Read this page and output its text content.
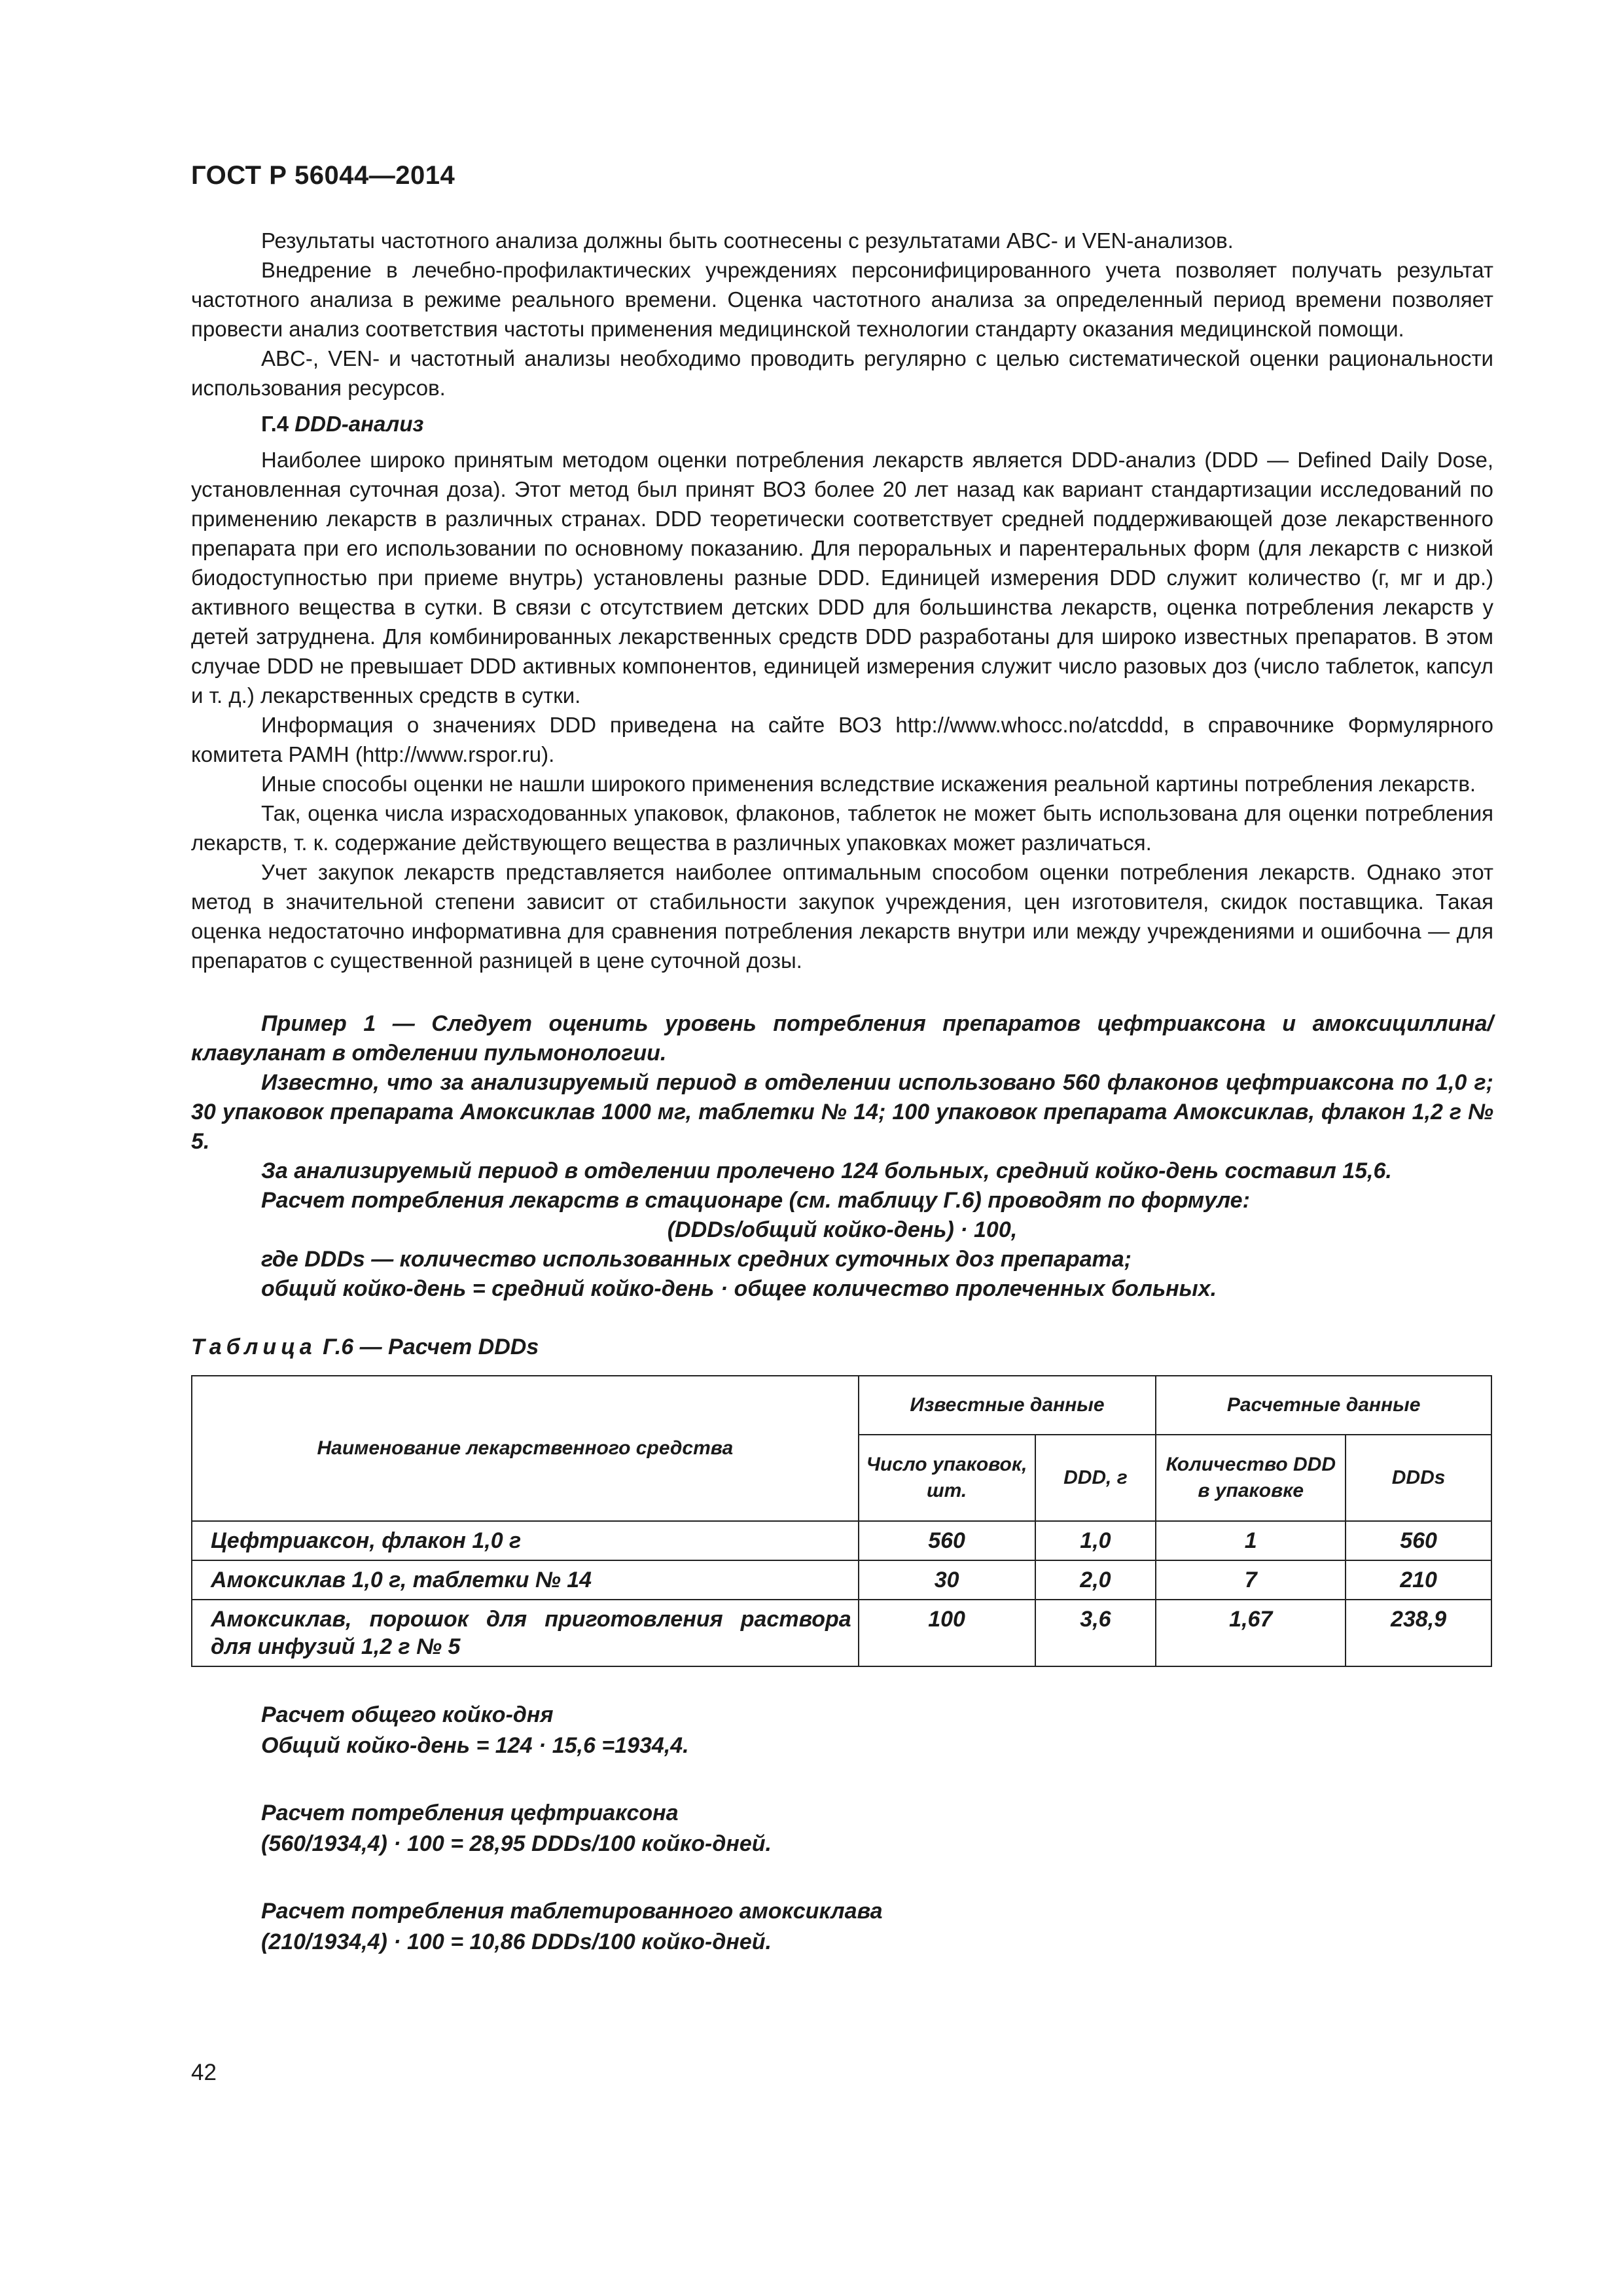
ГОСТ Р 56044—2014

Результаты частотного анализа должны быть соотнесены с результатами ABC- и VEN-анализов.

Внедрение в лечебно-профилактических учреждениях персонифицированного учета позволяет получать результат частотного анализа в режиме реального времени. Оценка частотного анализа за определенный период времени позволяет провести анализ соответствия частоты применения медицинской технологии стандарту оказания медицинской помощи.

ABC-, VEN- и частотный анализы необходимо проводить регулярно с целью систематической оценки рациональности использования ресурсов.

Г.4 DDD-анализ

Наиболее широко принятым методом оценки потребления лекарств является DDD-анализ (DDD — Defined Daily Dose, установленная суточная доза). Этот метод был принят ВОЗ более 20 лет назад как вариант стандартизации исследований по применению лекарств в различных странах. DDD теоретически соответствует средней поддерживающей дозе лекарственного препарата при его использовании по основному показанию. Для пероральных и парентеральных форм (для лекарств с низкой биодоступностью при приеме внутрь) установлены разные DDD. Единицей измерения DDD служит количество (г, мг и др.) активного вещества в сутки. В связи с отсутствием детских DDD для большинства лекарств, оценка потребления лекарств у детей затруднена. Для комбинированных лекарственных средств DDD разработаны для широко известных препаратов. В этом случае DDD не превышает DDD активных компонентов, единицей измерения служит число разовых доз (число таблеток, капсул и т. д.) лекарственных средств в сутки.

Информация о значениях DDD приведена на сайте ВОЗ http://www.whocc.no/atcddd, в справочнике Формулярного комитета РАМН (http://www.rspor.ru).

Иные способы оценки не нашли широкого применения вследствие искажения реальной картины потребления лекарств.

Так, оценка числа израсходованных упаковок, флаконов, таблеток не может быть использована для оценки потребления лекарств, т. к. содержание действующего вещества в различных упаковках может различаться.

Учет закупок лекарств представляется наиболее оптимальным способом оценки потребления лекарств. Однако этот метод в значительной степени зависит от стабильности закупок учреждения, цен изготовителя, скидок поставщика. Такая оценка недостаточно информативна для сравнения потребления лекарств внутри или между учреждениями и ошибочна — для препаратов с существенной разницей в цене суточной дозы.

Пример 1 — Следует оценить уровень потребления препаратов цефтриаксона и амоксициллина/клавуланат в отделении пульмонологии.

Известно, что за анализируемый период в отделении использовано 560 флаконов цефтриаксона по 1,0 г; 30 упаковок препарата Амоксиклав 1000 мг, таблетки № 14; 100 упаковок препарата Амоксиклав, флакон 1,2 г № 5.

За анализируемый период в отделении пролечено 124 больных, средний койко-день составил 15,6.

Расчет потребления лекарств в стационаре (см. таблицу Г.6) проводят по формуле:

(DDDs/общий койко-день) · 100,

где DDDs — количество использованных средних суточных доз препарата;

общий койко-день = средний койко-день · общее количество пролеченных больных.

Таблица Г.6 — Расчет DDDs
Наименование лекарственного средства	Известные данные		Расчетные данные	
	Число упаковок, шт.	DDD, г	Количество DDD в упаковке	DDDs
Цефтриаксон, флакон 1,0 г	560	1,0	1	560
Амоксиклав 1,0 г, таблетки № 14	30	2,0	7	210
Амоксиклав, порошок для приготовления раствора для инфузий 1,2 г № 5	100	3,6	1,67	238,9
Расчет общего койко-дня
Общий койко-день = 124 · 15,6 =1934,4.
Расчет потребления цефтриаксона
(560/1934,4) · 100 = 28,95 DDDs/100 койко-дней.
Расчет потребления таблетированного амоксиклава
(210/1934,4) · 100 = 10,86 DDDs/100 койко-дней.
42
